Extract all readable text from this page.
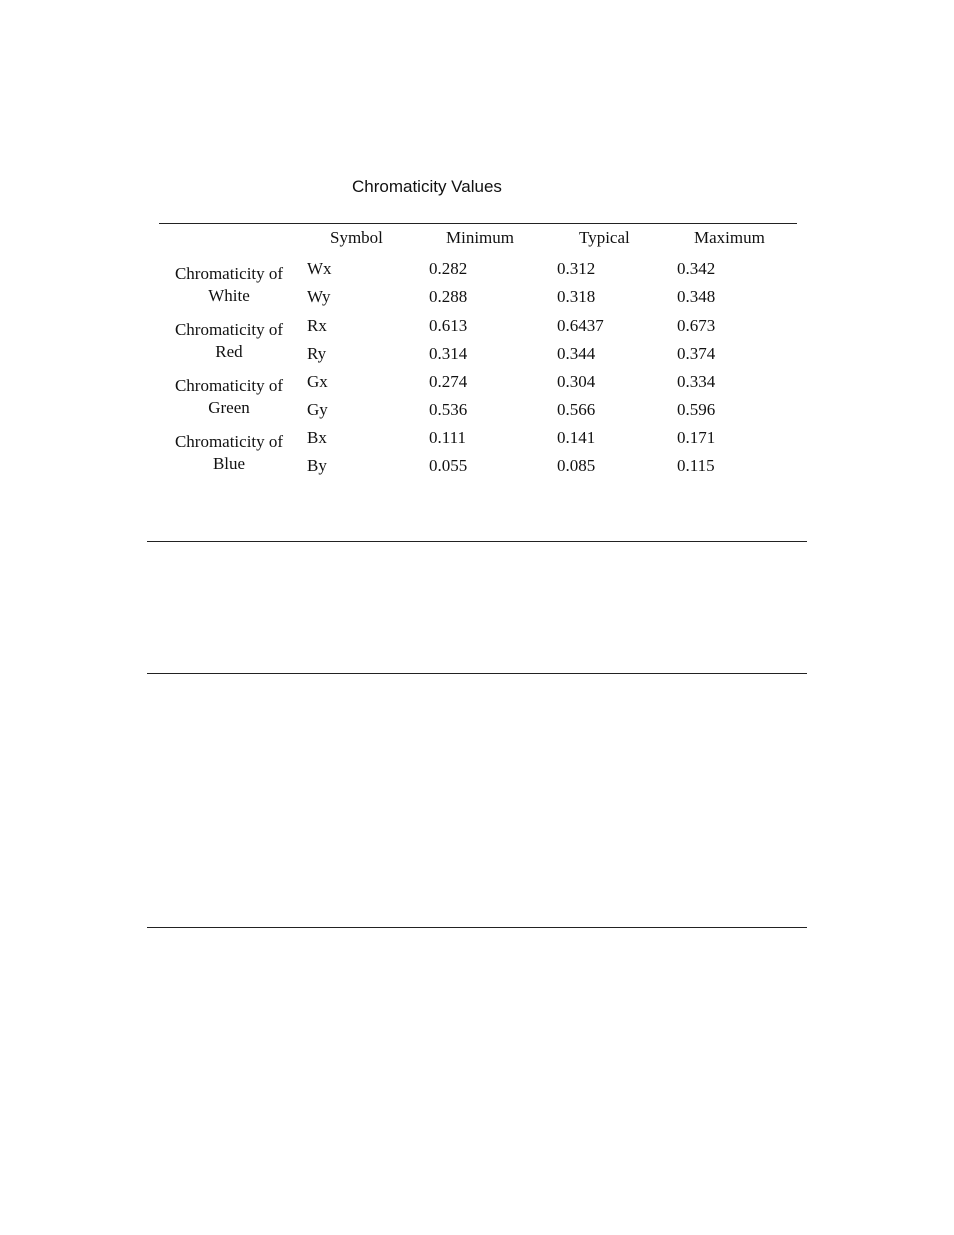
Chromaticity Values
Symbol	Minimum	Typical	Maximum
Chromaticity of
White
Wx	0.282	0.312	0.342
Wy	0.288	0.318	0.348
Chromaticity of
Red
Rx	0.613	0.6437	0.673
Ry	0.314	0.344	0.374
Chromaticity of
Green
Gx	0.274	0.304	0.334
Gy	0.536	0.566	0.596
Chromaticity of
Blue
Bx	0.111	0.141	0.171
By	0.055	0.085	0.115
